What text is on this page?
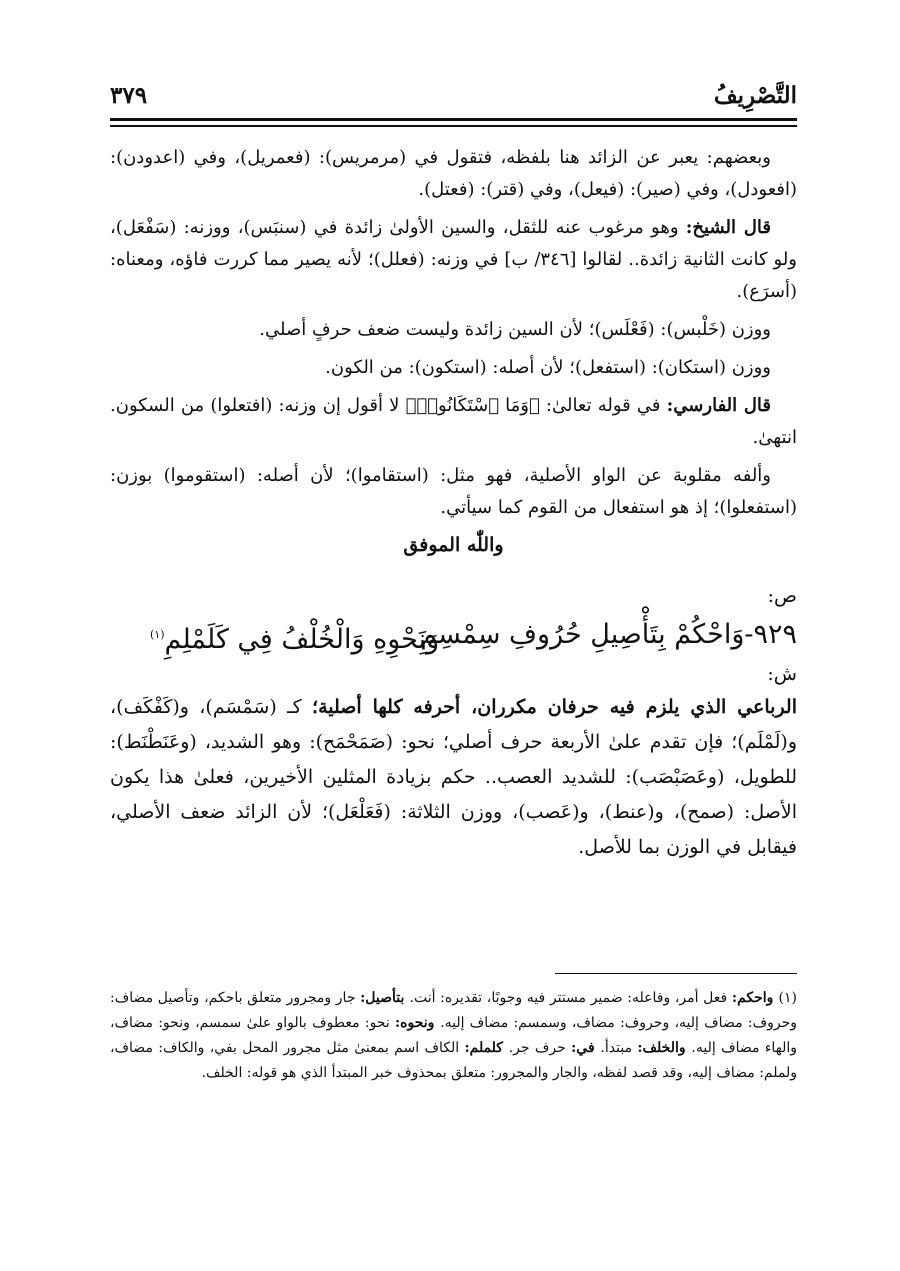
التَّصْرِيفُ
٣٧٩

وبعضهم: يعبر عن الزائد هنا بلفظه، فتقول في (مرمريس): (فعمريل)، وفي (اعدودن): (افعودل)، وفي (صير): (فيعل)، وفي (قتر): (فعتل).

قال الشيخ: وهو مرغوب عنه للثقل، والسين الأولىٰ زائدة في (سنبَس)، ووزنه: (سَفْعَل)، ولو كانت الثانية زائدة.. لقالوا [٣٤٦/ ب] في وزنه: (فعلل)؛ لأنه يصير مما كررت فاؤه، ومعناه: (أسرَع).

ووزن (خَلْبس): (فَعْلَس)؛ لأن السين زائدة وليست ضعف حرفٍ أصلي.

ووزن (استكان): (استفعل)؛ لأن أصله: (استكون): من الكون.

قال الفارسي: في قوله تعالىٰ: ﴿وَمَا ٱسْتَكَانُوا۟﴾ لا أقول إن وزنه: (افتعلوا) من السكون. انتهىٰ.

وألفه مقلوبة عن الواو الأصلية، فهو مثل: (استقاموا)؛ لأن أصله: (استقوموا) بوزن: (استفعلوا)؛ إذ هو استفعال من القوم كما سيأتي.

واللّٰه الموفق

ص:

٩٢٩-وَاحْكُمْ بِتَأْصِيلِ حُرُوفِ سِمْسِمِ
وَنَحْوِهِ وَالْخُلْفُ فِي كَلَمْلِمِ$^{(١)}$

ش:

الرباعي الذي يلزم فيه حرفان مكرران، أحرفه كلها أصلية؛ كـ (سَمْسَم)، و(كَفْكَف)، و(لَمْلَم)؛ فإن تقدم علىٰ الأربعة حرف أصلي؛ نحو: (صَمَحْمَح): وهو الشديد، (وعَنَطْنَط): للطويل، (وعَصَبْصَب): للشديد العصب.. حكم بزيادة المثلين الأخيرين، فعلىٰ هذا يكون الأصل: (صمح)، و(عنط)، و(عَصب)، ووزن الثلاثة: (فَعَلْعَل)؛ لأن الزائد ضعف الأصلي، فيقابل في الوزن بما للأصل.

(١) واحكم: فعل أمر، وفاعله: ضمير مستتر فيه وجوبًا، تقديره: أنت. بتأصيل: جار ومجرور متعلق باحكم، وتأصيل مضاف: وحروف: مضاف إليه، وحروف: مضاف، وسمسم: مضاف إليه. ونحوه: نحو: معطوف بالواو علىٰ سمسم، ونحو: مضاف، والهاء مضاف إليه. والخلف: مبتدأ. في: حرف جر. كلملم: الكاف اسم بمعنىٰ مثل مجرور المحل بفي، والكاف: مضاف، ولملم: مضاف إليه، وقد قصد لفظه، والجار والمجرور: متعلق بمحذوف خبر المبتدأ الذي هو قوله: الخلف.
